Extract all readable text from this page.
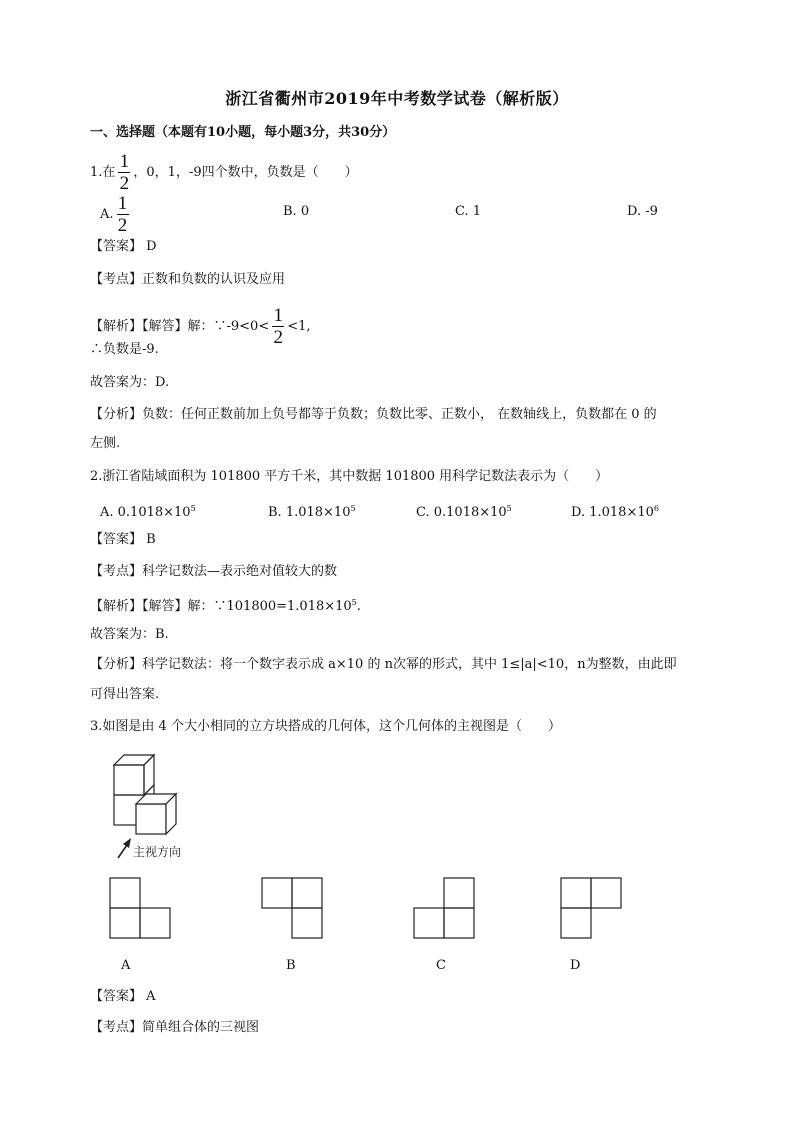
浙江省衢州市2019年中考数学试卷（解析版）
一、选择题（本题有10小题，每小题3分，共30分）
1.在 $\frac{1}{2}$ ，0，1，-9四个数中，负数是（　　）
A. $\frac{1}{2}$	B. 0	C. 1	D. -9
【答案】 D
【考点】正数和负数的认识及应用
【解析】【解答】解：∵-9<0< $\frac{1}{2} <1$,
∴负数是-9.
故答案为：D.
【分析】负数：任何正数前加上负号都等于负数；负数比零、正数小， 在数轴线上，负数都在 0 的
左侧.
2.浙江省陆域面积为 101800 平方千米，其中数据 101800 用科学记数法表示为（　　）
A. $0.1018\times 10^5$	B. $1.018\times 10^5$	C. $0.1018\times 10^5$	D. $1.018\times 10^6$
【答案】 B
【考点】科学记数法—表示绝对值较大的数
【解析】【解答】解：$\because 101800=1.018\times 10^5$.
故答案为：B.
【分析】科学记数法：将一个数字表示成 a×10 的 n次幂的形式，其中 1≤|a|<10，n为整数，由此即
可得出答案.
3.如图是由 4 个大小相同的立方块搭成的几何体，这个几何体的主视图是（　　）
主视方向
A	B	C	D
【答案】 A
【考点】简单组合体的三视图
